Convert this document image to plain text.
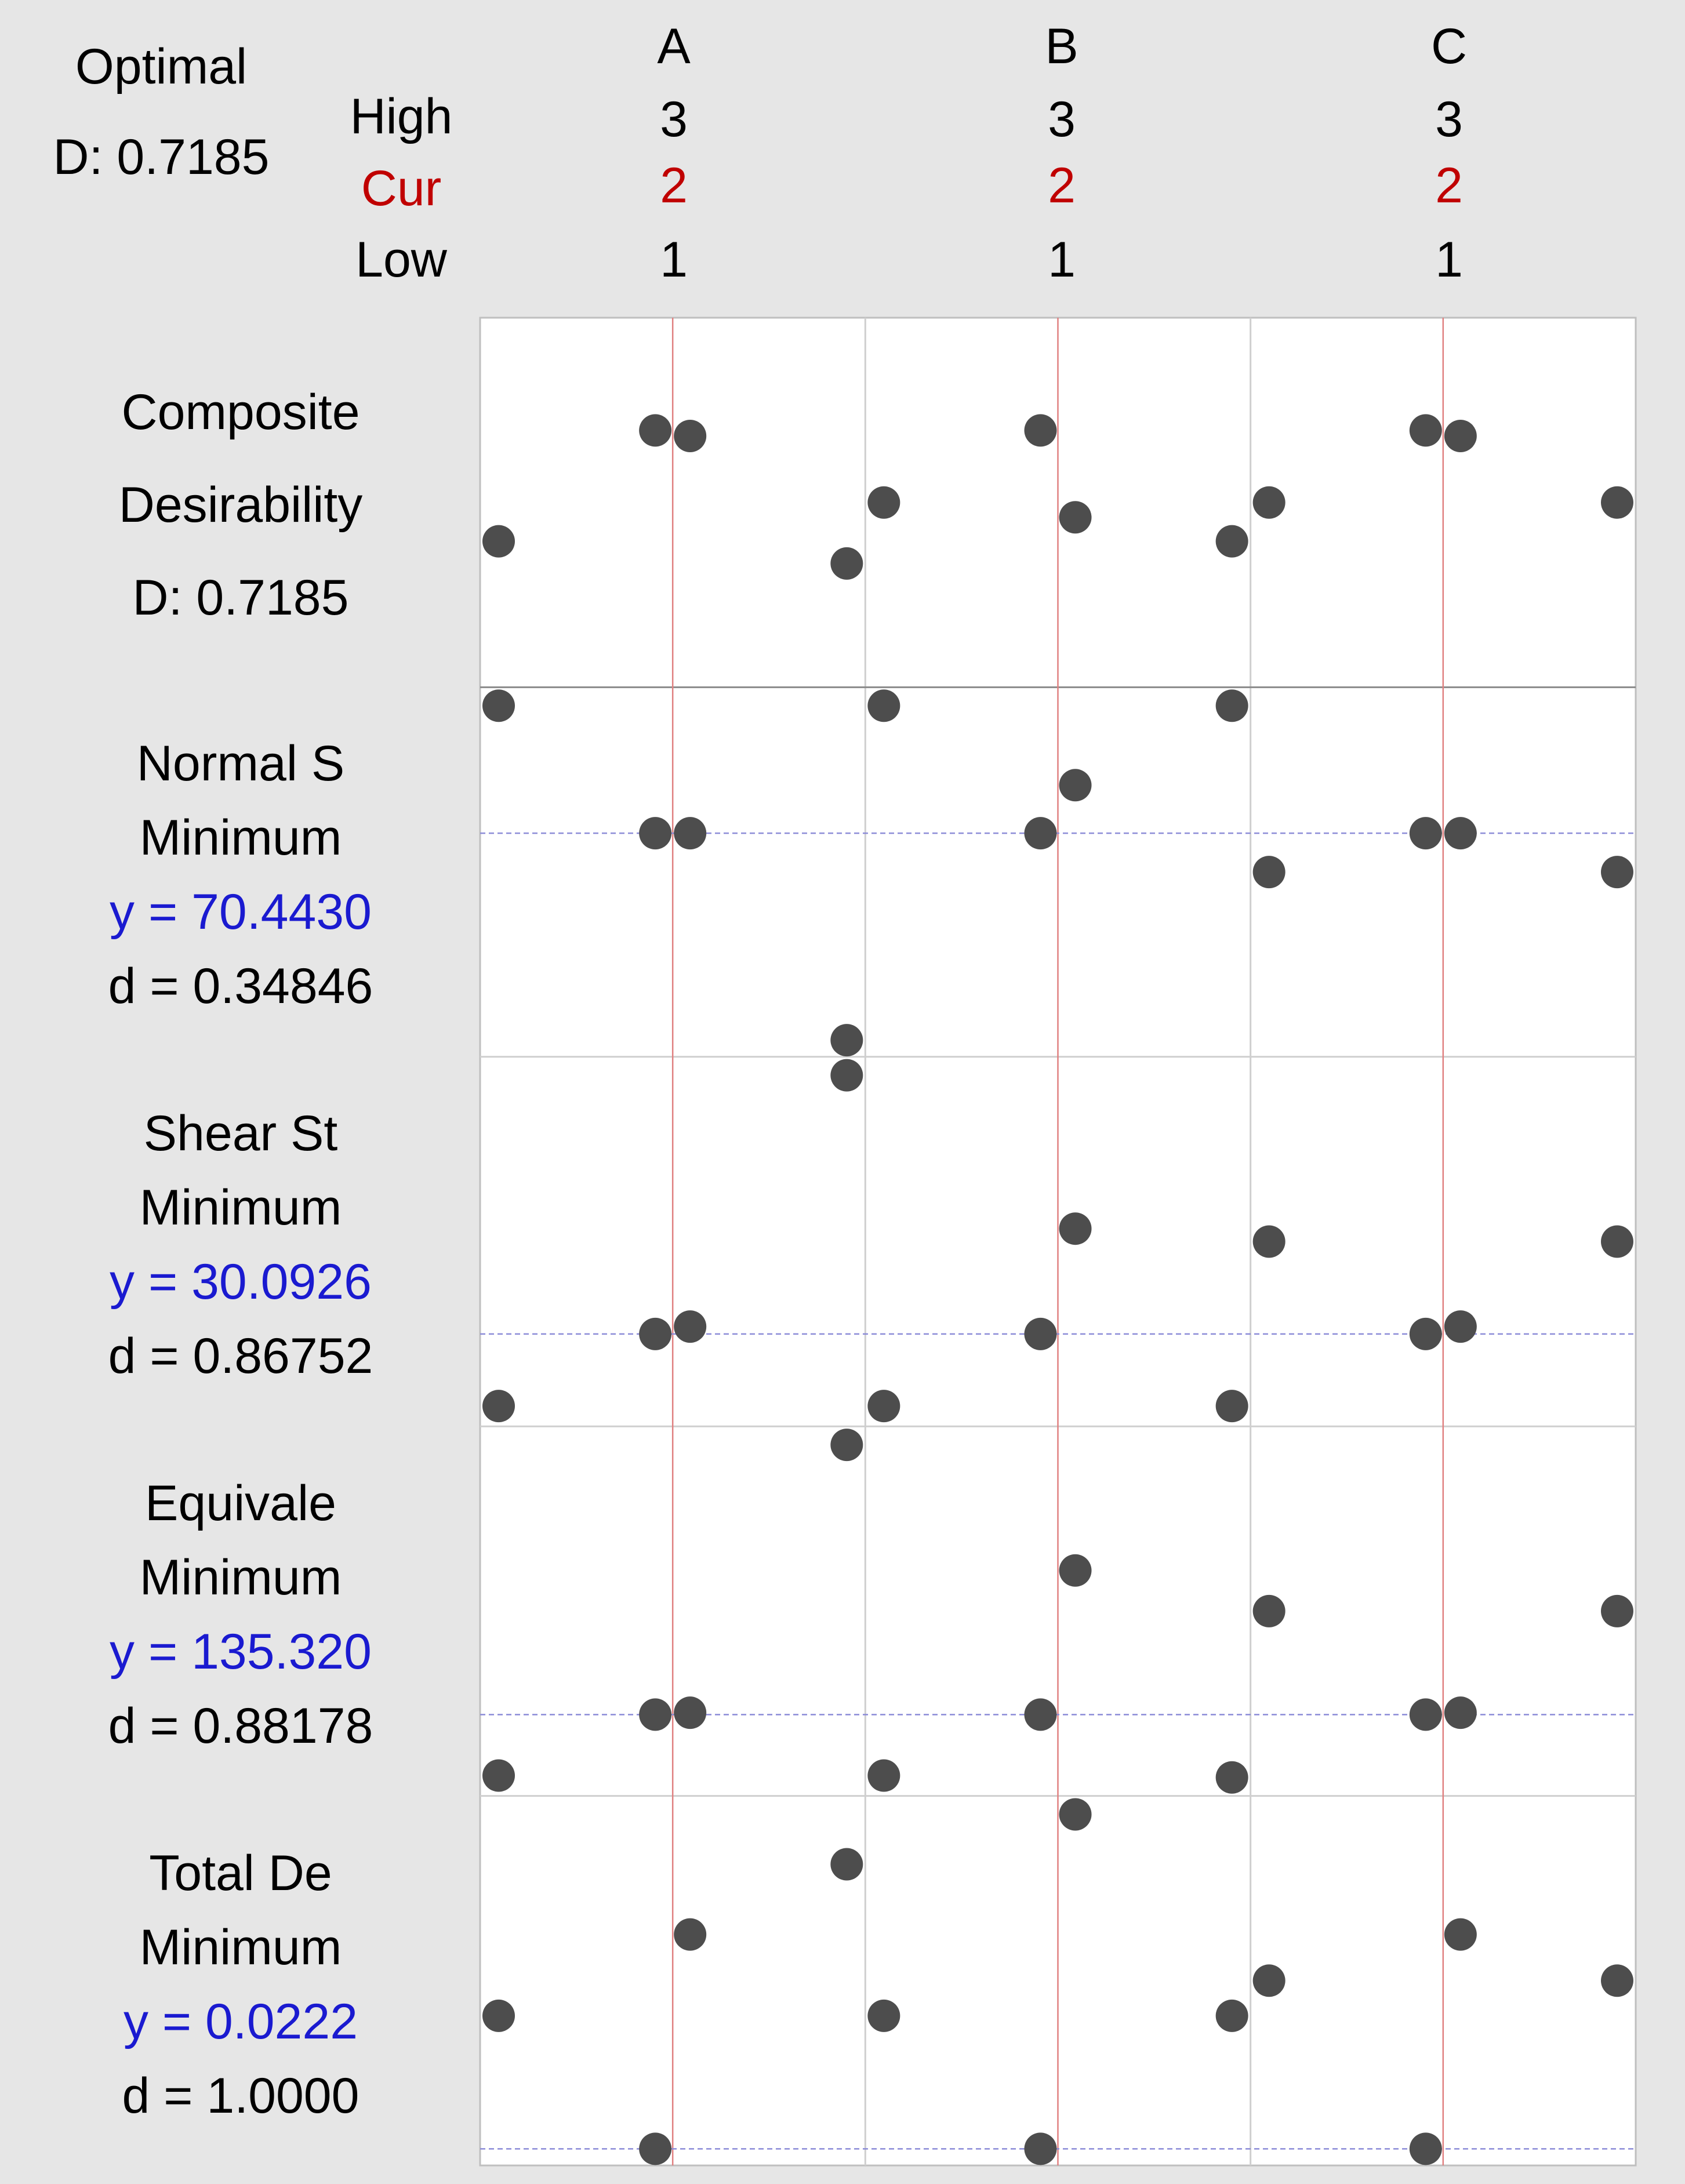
Optimal
D: 0.7185
High
Cur
Low
A
3
2
1
B
3
2
1
C
3
2
1
Composite
Desirability
D: 0.7185
Normal S
Minimum
y = 70.4430
d = 0.34846
Shear St
Minimum
y = 30.0926
d = 0.86752
Equivale
Minimum
y = 135.320
d = 0.88178
Total De
Minimum
y = 0.0222
d = 1.0000
